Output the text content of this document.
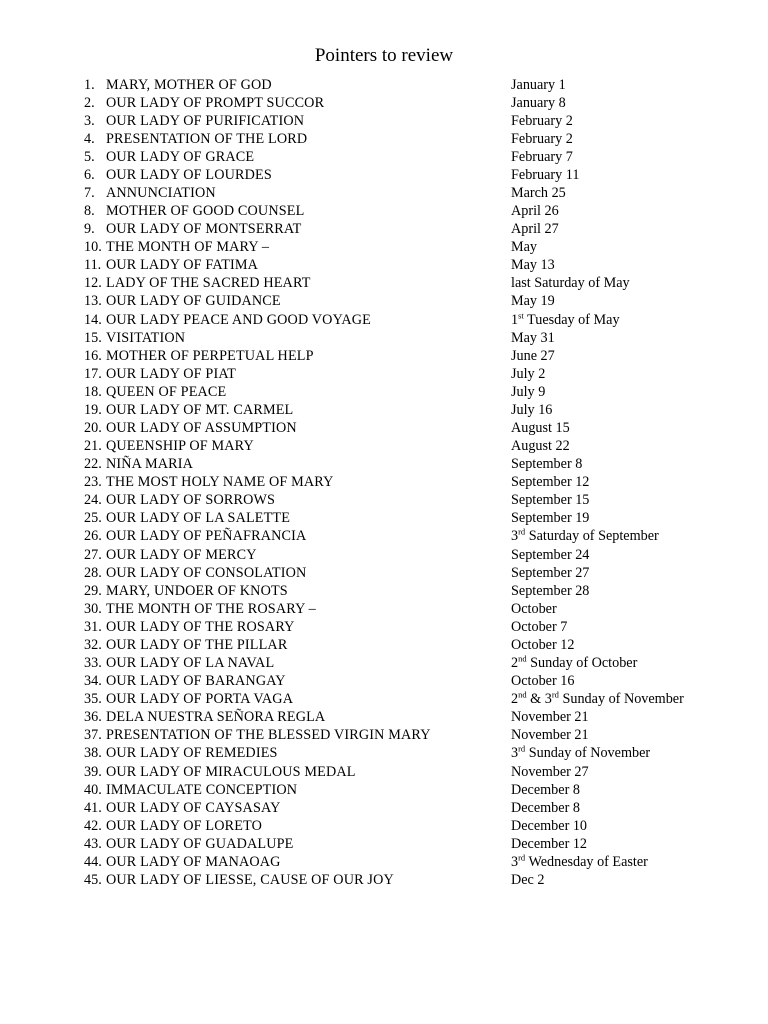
Pointers to review
1. MARY, MOTHER OF GOD	January 1
2. OUR LADY OF PROMPT SUCCOR	January 8
3. OUR LADY OF PURIFICATION	February 2
4. PRESENTATION OF THE LORD	February 2
5. OUR LADY OF GRACE	February 7
6. OUR LADY OF LOURDES	February 11
7. ANNUNCIATION	March 25
8. MOTHER OF GOOD COUNSEL	April 26
9. OUR LADY OF MONTSERRAT	April 27
10. THE MONTH OF MARY –	May
11. OUR LADY OF FATIMA	May 13
12. LADY OF THE SACRED HEART	last Saturday of May
13. OUR LADY OF GUIDANCE	May 19
14. OUR LADY PEACE AND GOOD VOYAGE	1st Tuesday of May
15. VISITATION	May 31
16. MOTHER OF PERPETUAL HELP	June 27
17. OUR LADY OF PIAT	July 2
18. QUEEN OF PEACE	July 9
19. OUR LADY OF MT. CARMEL	July 16
20. OUR LADY OF ASSUMPTION	August 15
21. QUEENSHIP OF MARY	August 22
22. NIÑA MARIA	September 8
23. THE MOST HOLY NAME OF MARY	September 12
24. OUR LADY OF SORROWS	September 15
25. OUR LADY OF LA SALETTE	September 19
26. OUR LADY OF PEÑAFRANCIA	3rd Saturday of September
27. OUR LADY OF MERCY	September 24
28. OUR LADY OF CONSOLATION	September 27
29. MARY, UNDOER OF KNOTS	September 28
30. THE MONTH OF THE ROSARY –	October
31. OUR LADY OF THE ROSARY	October 7
32. OUR LADY OF THE PILLAR	October 12
33. OUR LADY OF LA NAVAL	2nd Sunday of October
34. OUR LADY OF BARANGAY	October 16
35. OUR LADY OF PORTA VAGA	2nd & 3rd Sunday of November
36. DELA NUESTRA SEÑORA REGLA	November 21
37. PRESENTATION OF THE BLESSED VIRGIN MARY	November 21
38. OUR LADY OF REMEDIES	3rd Sunday of November
39. OUR LADY OF MIRACULOUS MEDAL	November 27
40. IMMACULATE CONCEPTION	December 8
41. OUR LADY OF CAYSASAY	December 8
42. OUR LADY OF LORETO	December 10
43. OUR LADY OF GUADALUPE	December 12
44. OUR LADY OF MANAOAG	3rd Wednesday of Easter
45. OUR LADY OF LIESSE, CAUSE OF OUR JOY	Dec 2
